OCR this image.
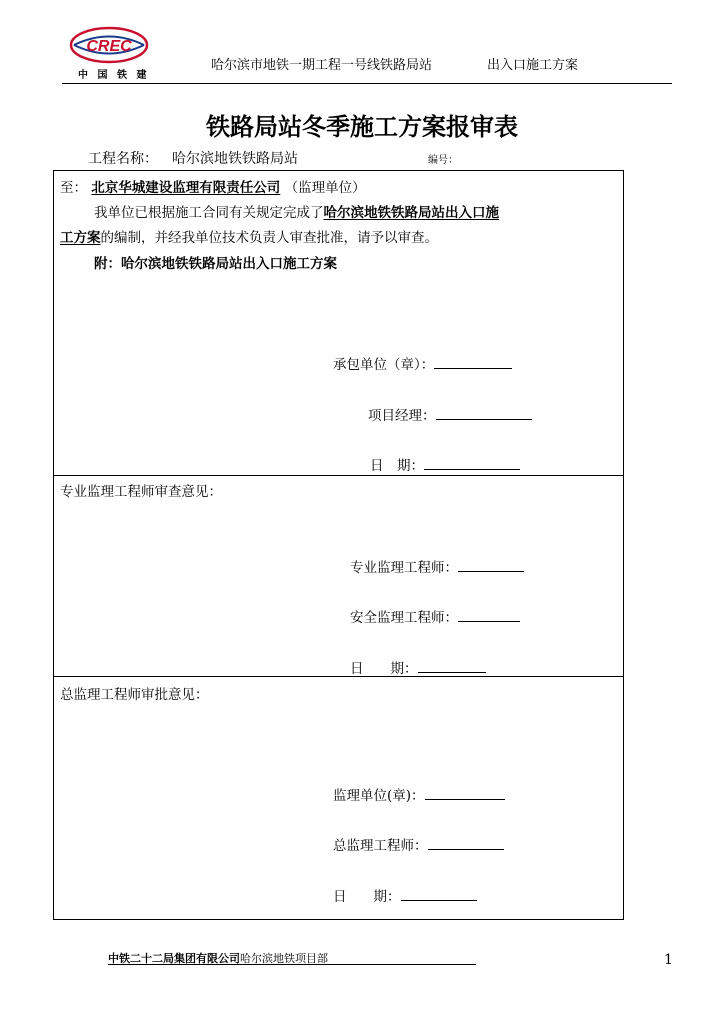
CREC
中 国 铁 建
哈尔滨市地铁一期工程一号线铁路局站	出入口施工方案
铁路局站冬季施工方案报审表
工程名称： 哈尔滨地铁铁路局站	编号：
至： 北京华城建设监理有限责任公司 （监理单位）
我单位已根据施工合同有关规定完成了哈尔滨地铁铁路局站出入口施
工方案的编制，并经我单位技术负责人审查批准，请予以审查。
附：哈尔滨地铁铁路局站出入口施工方案
承包单位（章）：
项目经理：
日　期：
专业监理工程师审查意见：
专业监理工程师：
安全监理工程师：
日　　期：
总监理工程师审批意见：
监理单位(章)：
总监理工程师：
日　　期：
中铁二十二局集团有限公司哈尔滨地铁项目部	1
